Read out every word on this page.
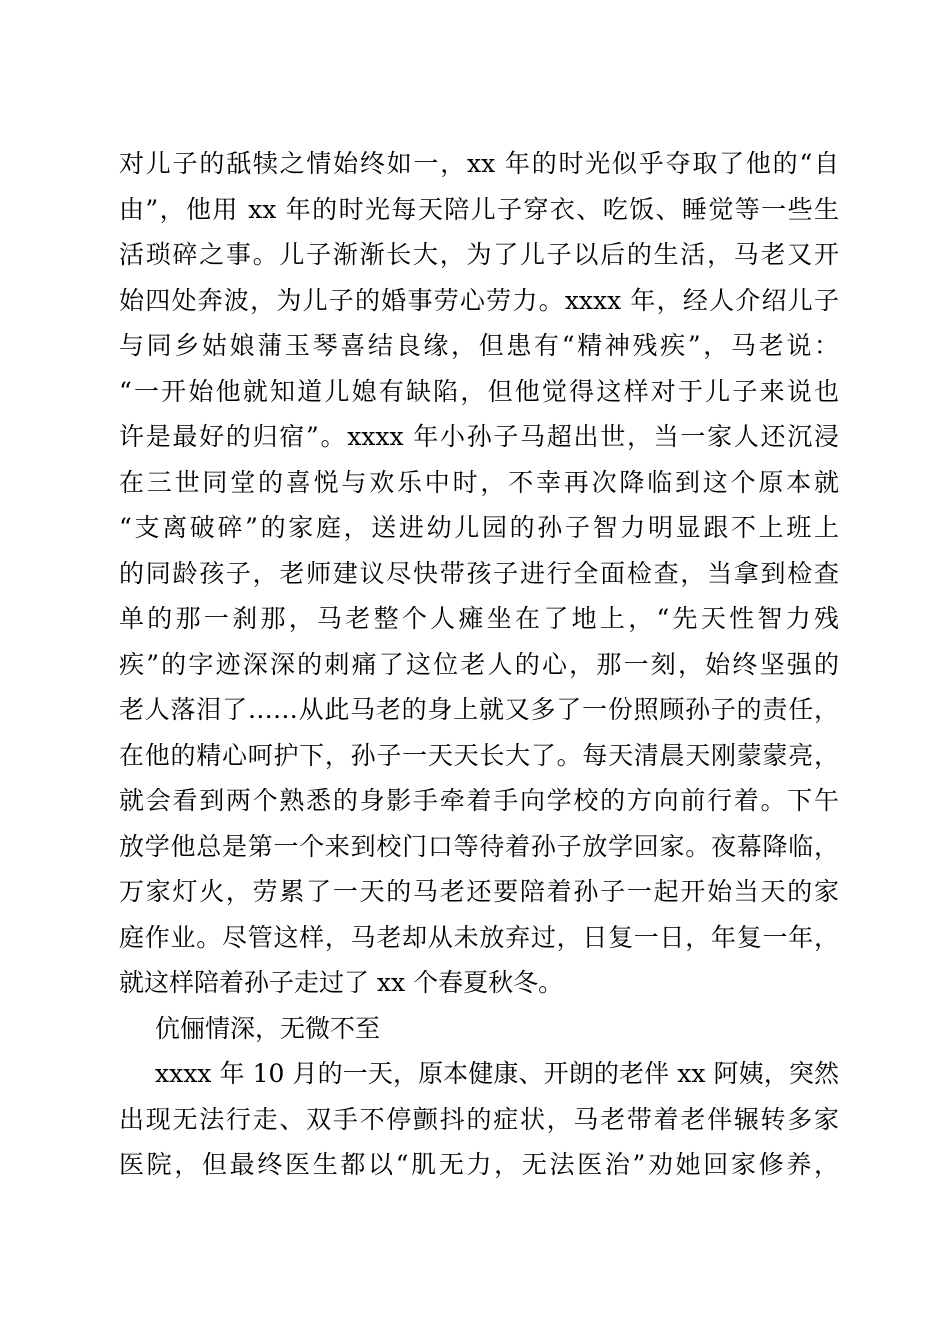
对儿子的舐犊之情始终如一，xx 年的时光似乎夺取了他的“自
由”，他用 xx 年的时光每天陪儿子穿衣、吃饭、睡觉等一些生
活琐碎之事。儿子渐渐长大，为了儿子以后的生活，马老又开
始四处奔波，为儿子的婚事劳心劳力。xxxx 年，经人介绍儿子
与同乡姑娘蒲玉琴喜结良缘，但患有“精神残疾”，马老说：
“一开始他就知道儿媳有缺陷，但他觉得这样对于儿子来说也
许是最好的归宿”。xxxx 年小孙子马超出世，当一家人还沉浸
在三世同堂的喜悦与欢乐中时，不幸再次降临到这个原本就
“支离破碎”的家庭，送进幼儿园的孙子智力明显跟不上班上
的同龄孩子，老师建议尽快带孩子进行全面检查，当拿到检查
单的那一刹那，马老整个人瘫坐在了地上，“先天性智力残
疾”的字迹深深的刺痛了这位老人的心，那一刻，始终坚强的
老人落泪了……从此马老的身上就又多了一份照顾孙子的责任，
在他的精心呵护下，孙子一天天长大了。每天清晨天刚蒙蒙亮，
就会看到两个熟悉的身影手牵着手向学校的方向前行着。下午
放学他总是第一个来到校门口等待着孙子放学回家。夜幕降临，
万家灯火，劳累了一天的马老还要陪着孙子一起开始当天的家
庭作业。尽管这样，马老却从未放弃过，日复一日，年复一年，
就这样陪着孙子走过了 xx 个春夏秋冬。
伉俪情深，无微不至
xxxx 年 10 月的一天，原本健康、开朗的老伴 xx 阿姨，突然
出现无法行走、双手不停颤抖的症状，马老带着老伴辗转多家
医院，但最终医生都以“肌无力，无法医治”劝她回家修养，
